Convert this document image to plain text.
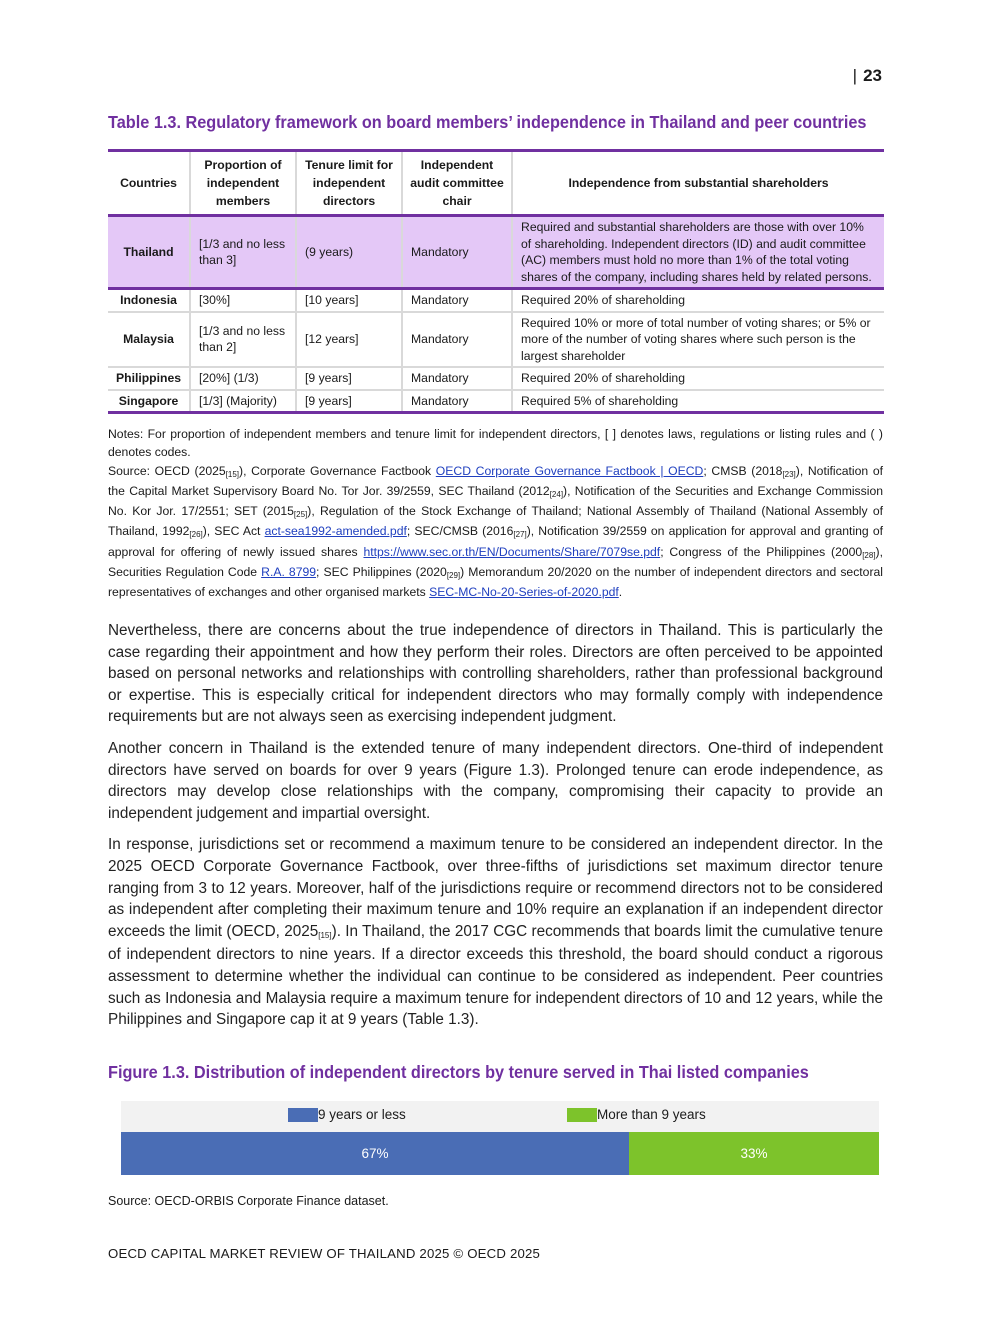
| 23
Table 1.3. Regulatory framework on board members’ independence in Thailand and peer countries
Countries	Proportion of independent members	Tenure limit for independent directors	Independent audit committee chair	Independence from substantial shareholders
Thailand	[1/3 and no less than 3]	(9 years)	Mandatory	Required and substantial shareholders are those with over 10% of shareholding. Independent directors (ID) and audit committee (AC) members must hold no more than 1% of the total voting shares of the company, including shares held by related persons.
Indonesia	[30%]	[10 years]	Mandatory	Required 20% of shareholding
Malaysia	[1/3 and no less than 2]	[12 years]	Mandatory	Required 10% or more of total number of voting shares; or 5% or more of the number of voting shares where such person is the largest shareholder
Philippines	[20%] (1/3)	[9 years]	Mandatory	Required 20% of shareholding
Singapore	[1/3] (Majority)	[9 years]	Mandatory	Required 5% of shareholding

Notes: For proportion of independent members and tenure limit for independent directors, [ ] denotes laws, regulations or listing rules and ( ) denotes codes.

Source: OECD $(2025_{[15]})$, Corporate Governance Factbook OECD Corporate Governance Factbook | OECD; CMSB $(2018_{[23]})$, Notification of the Capital Market Supervisory Board No. Tor Jor. 39/2559, SEC Thailand $(2012_{[24]})$, Notification of the Securities and Exchange Commission No. Kor Jor. 17/2551; SET $(2015_{[25]})$, Regulation of the Stock Exchange of Thailand; National Assembly of Thailand (National Assembly of Thailand, $1992_{[26]}$), SEC Act act-sea1992-amended.pdf; SEC/CMSB $(2016_{[27]})$, Notification 39/2559 on application for approval and granting of approval for offering of newly issued shares https://www.sec.or.th/EN/Documents/Share/7079se.pdf; Congress of the Philippines $(2000_{[28]})$, Securities Regulation Code R.A. 8799; SEC Philippines $(2020_{[29]})$ Memorandum 20/2020 on the number of independent directors and sectoral representatives of exchanges and other organised markets SEC-MC-No-20-Series-of-2020.pdf.

Nevertheless, there are concerns about the true independence of directors in Thailand. This is particularly the case regarding their appointment and how they perform their roles. Directors are often perceived to be appointed based on personal networks and relationships with controlling shareholders, rather than professional background or expertise. This is especially critical for independent directors who may formally comply with independence requirements but are not always seen as exercising independent judgment.

Another concern in Thailand is the extended tenure of many independent directors. One-third of independent directors have served on boards for over 9 years (Figure 1.3). Prolonged tenure can erode independence, as directors may develop close relationships with the company, compromising their capacity to provide an independent judgement and impartial oversight.

In response, jurisdictions set or recommend a maximum tenure to be considered an independent director. In the 2025 OECD Corporate Governance Factbook, over three-fifths of jurisdictions set maximum director tenure ranging from 3 to 12 years. Moreover, half of the jurisdictions require or recommend directors not to be considered as independent after completing their maximum tenure and 10% require an explanation if an independent director exceeds the limit (OECD, $2025_{[15]}$). In Thailand, the 2017 CGC recommends that boards limit the cumulative tenure of independent directors to nine years. If a director exceeds this threshold, the board should conduct a rigorous assessment to determine whether the individual can continue to be considered as independent. Peer countries such as Indonesia and Malaysia require a maximum tenure for independent directors of 10 and 12 years, while the Philippines and Singapore cap it at 9 years (Table 1.3).

Figure 1.3. Distribution of independent directors by tenure served in Thai listed companies
9 years or less	More than 9 years
67%	33%
Source: OECD-ORBIS Corporate Finance dataset.
OECD CAPITAL MARKET REVIEW OF THAILAND 2025 © OECD 2025
